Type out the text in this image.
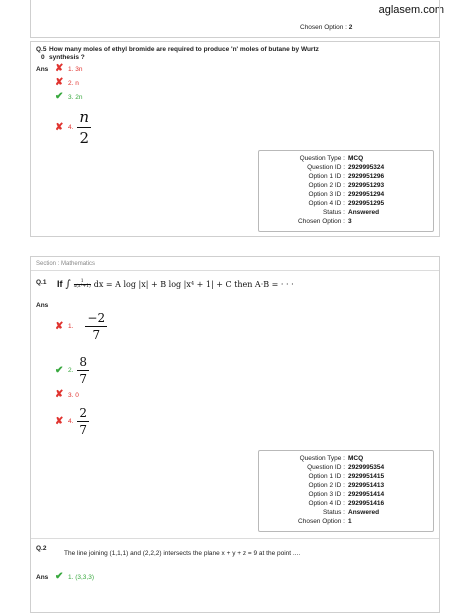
aglasem.com
Chosen Option : 2
Q.5
0
How many moles of ethyl bromide are required to produce 'n' moles of butane by Wurtz
synthesis ?
Ans ✘ 1. 3n
✘ 2. n
✔ 3. 2n
✘ 4. $\frac{n}{2}$
Question Type : MCQ
Question ID : 2929995324
Option 1 ID : 2929951296
Option 2 ID : 2929951293
Option 3 ID : 2929951294
Option 4 ID : 2929951295
Status : Answered
Chosen Option : 3
Section : Mathematics
Q.1 If ∫ 1
x(x⁴+1) dx = A log |x| + B log |x⁴ + 1| + C then A·B = · · ·
Ans
✘ 1. $\frac{-2}{7}$
✔ 2. $\frac{8}{7}$
✘ 3. 0
✘ 4. $\frac{2}{7}$
Question Type : MCQ
Question ID : 2929995354
Option 1 ID : 2929951415
Option 2 ID : 2929951413
Option 3 ID : 2929951414
Option 4 ID : 2929951416
Status : Answered
Chosen Option : 1
Q.2
The line joining (1,1,1) and (2,2,2) intersects the plane x + y + z = 9 at the point ....
Ans ✔ 1. (3,3,3)
